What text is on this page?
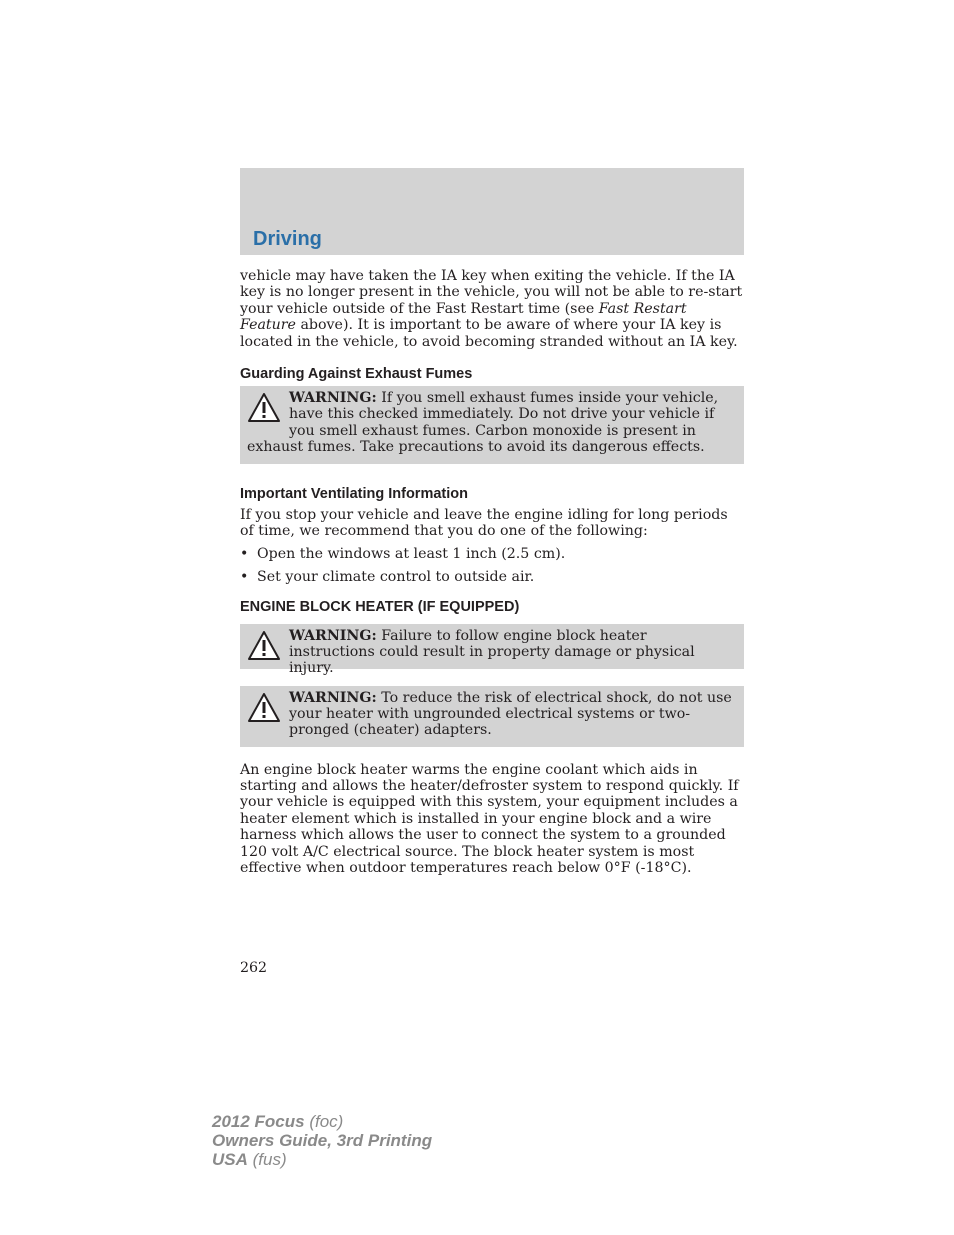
Driving

vehicle may have taken the IA key when exiting the vehicle. If the IA key is no longer present in the vehicle, you will not be able to re-start your vehicle outside of the Fast Restart time (see Fast Restart Feature above). It is important to be aware of where your IA key is located in the vehicle, to avoid becoming stranded without an IA key.

Guarding Against Exhaust Fumes
WARNING: If you smell exhaust fumes inside your vehicle, have this checked immediately. Do not drive your vehicle if you smell exhaust fumes. Carbon monoxide is present in exhaust fumes. Take precautions to avoid its dangerous effects.
Important Ventilating Information

If you stop your vehicle and leave the engine idling for long periods of time, we recommend that you do one of the following:

• Open the windows at least 1 inch (2.5 cm).
• Set your climate control to outside air.
ENGINE BLOCK HEATER (IF EQUIPPED)
WARNING: Failure to follow engine block heater instructions could result in property damage or physical injury.
WARNING: To reduce the risk of electrical shock, do not use your heater with ungrounded electrical systems or two-pronged (cheater) adapters.

An engine block heater warms the engine coolant which aids in starting and allows the heater/defroster system to respond quickly. If your vehicle is equipped with this system, your equipment includes a heater element which is installed in your engine block and a wire harness which allows the user to connect the system to a grounded 120 volt A/C electrical source. The block heater system is most effective when outdoor temperatures reach below 0°F (-18°C).

262
2012 Focus (foc)
Owners Guide, 3rd Printing
USA (fus)
